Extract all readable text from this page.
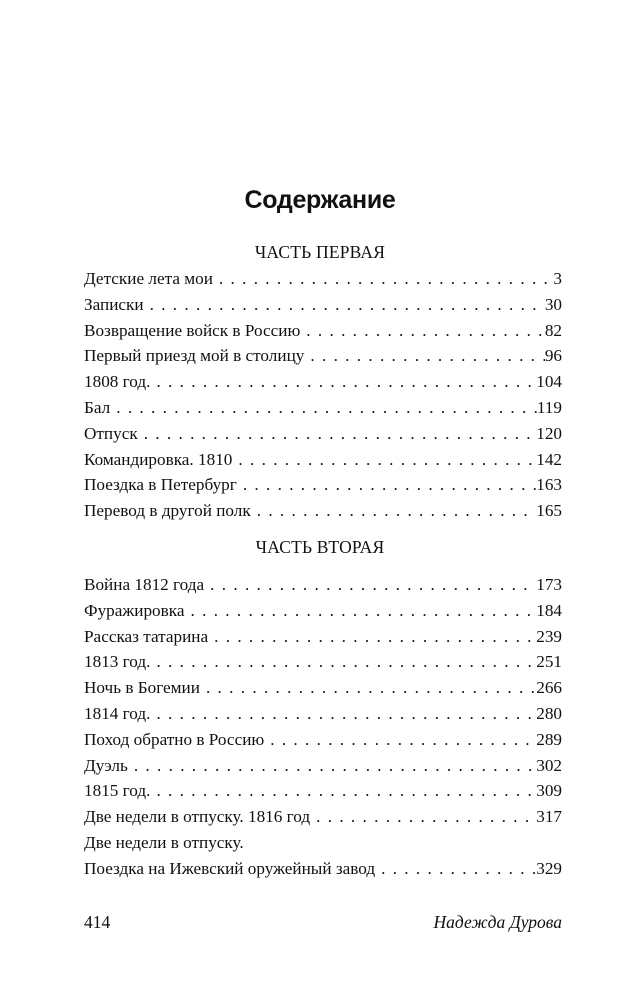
Содержание
ЧАСТЬ ПЕРВАЯ
Детские лета мои . . .	3
Записки . . .	30
Возвращение войск в Россию . . .	82
Первый приезд мой в столицу . . .	96
1808 год. . . .	104
Бал . . .	119
Отпуск . . .	120
Командировка. 1810 . . .	142
Поездка в Петербург . . .	163
Перевод в другой полк . . .	165
ЧАСТЬ ВТОРАЯ
Война 1812 года . . .	173
Фуражировка . . .	184
Рассказ татарина . . .	239
1813 год. . . .	251
Ночь в Богемии . . .	266
1814 год. . . .	280
Поход обратно в Россию . . .	289
Дуэль . . .	302
1815 год. . . .	309
Две недели в отпуску. 1816 год . . .	317
Две недели в отпуску.
Поездка на Ижевский оружейный завод . . .	329
414	Надежда Дурова
